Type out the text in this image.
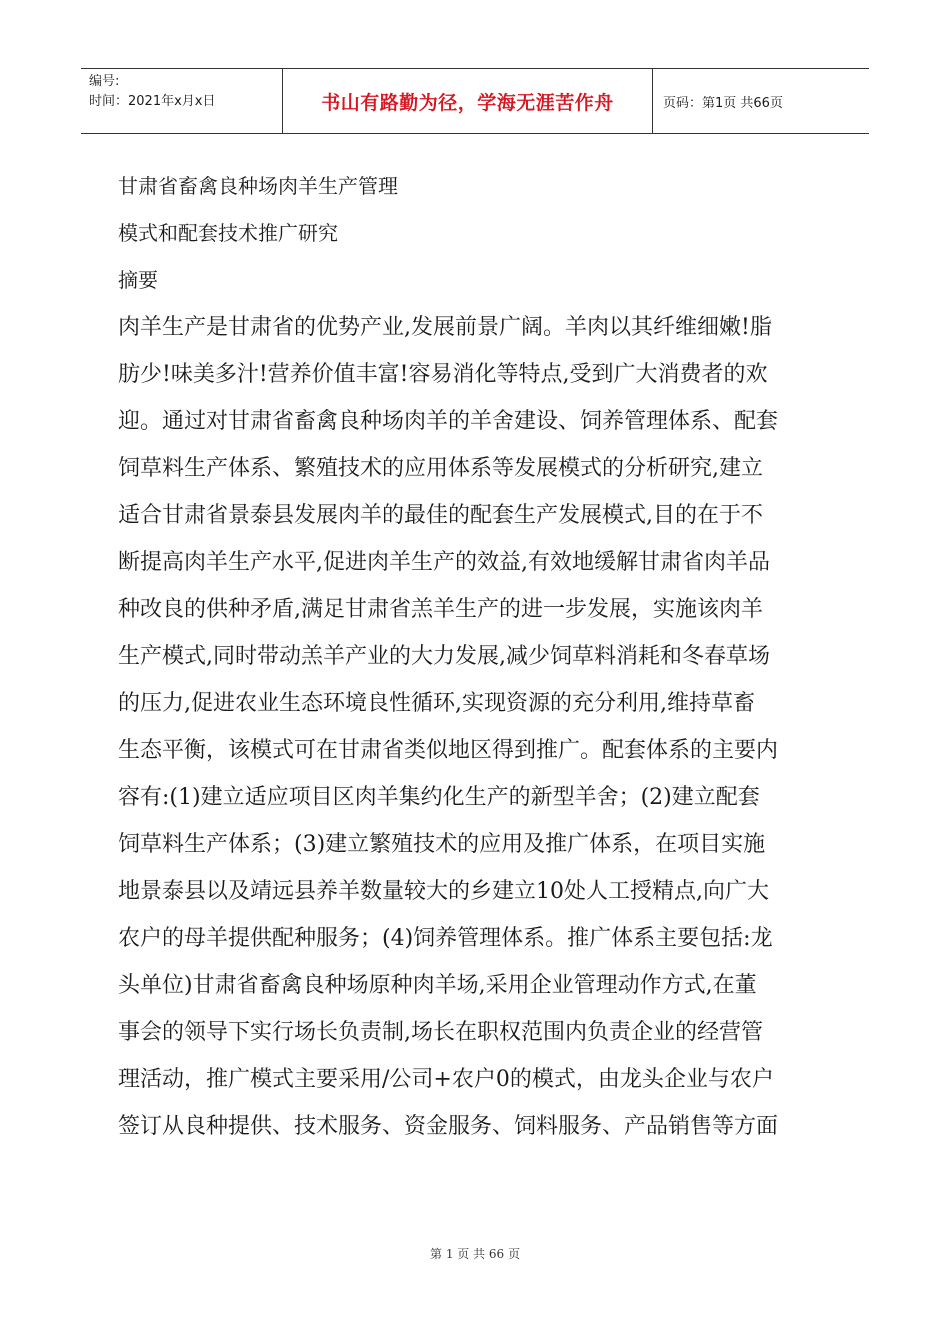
编号:
时间：2021年x月x日	书山有路勤为径，学海无涯苦作舟	页码：第1页 共66页
甘肃省畜禽良种场肉羊生产管理
模式和配套技术推广研究
摘要
肉羊生产是甘肃省的优势产业,发展前景广阔。羊肉以其纤维细嫩!脂
肪少!味美多汁!营养价值丰富!容易消化等特点,受到广大消费者的欢
迎。通过对甘肃省畜禽良种场肉羊的羊舍建设、饲养管理体系、配套
饲草料生产体系、繁殖技术的应用体系等发展模式的分析研究,建立
适合甘肃省景泰县发展肉羊的最佳的配套生产发展模式,目的在于不
断提高肉羊生产水平,促进肉羊生产的效益,有效地缓解甘肃省肉羊品
种改良的供种矛盾,满足甘肃省羔羊生产的进一步发展，实施该肉羊
生产模式,同时带动羔羊产业的大力发展,减少饲草料消耗和冬春草场
的压力,促进农业生态环境良性循环,实现资源的充分利用,维持草畜
生态平衡，该模式可在甘肃省类似地区得到推广。配套体系的主要内
容有:(1)建立适应项目区肉羊集约化生产的新型羊舍；(2)建立配套
饲草料生产体系；(3)建立繁殖技术的应用及推广体系，在项目实施
地景泰县以及靖远县养羊数量较大的乡建立10处人工授精点,向广大
农户的母羊提供配种服务；(4)饲养管理体系。推广体系主要包括:龙
头单位)甘肃省畜禽良种场原种肉羊场,采用企业管理动作方式,在董
事会的领导下实行场长负责制,场长在职权范围内负责企业的经营管
理活动，推广模式主要采用/公司+农户0的模式，由龙头企业与农户
签订从良种提供、技术服务、资金服务、饲料服务、产品销售等方面
第 1 页 共 66 页
